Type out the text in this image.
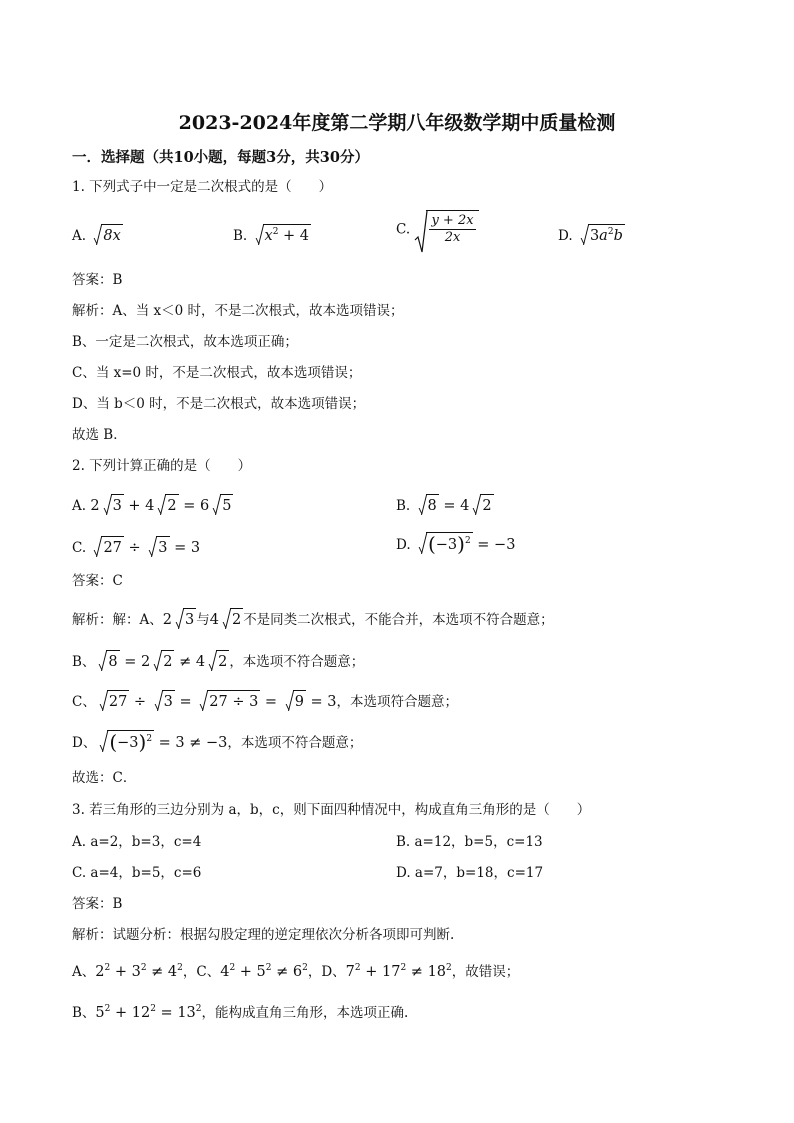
2023-2024年度第二学期八年级数学期中质量检测
一．选择题（共10小题，每题3分，共30分）
1. 下列式子中一定是二次根式的是（　　）
A. 8x	B. $x^2 + 4$	C. $\frac{y + 2x}{2x}$	D. $3a^2b$
答案：B
解析：A、当 x＜0 时，不是二次根式，故本选项错误；
B、一定是二次根式，故本选项正确；
C、当 x=0 时，不是二次根式，故本选项错误；
D、当 b＜0 时，不是二次根式，故本选项错误；
故选 B．
2. 下列计算正确的是（　　）
A. 2 3 + 4 2 = 6 5	B. 8 = 4 2
C. 27 ÷ 3 = 3	D. $(-3)^2 = -3$
答案：C
解析：解：A、2 3 与4 2 不是同类二次根式，不能合并，本选项不符合题意；
B、 8 = 2 2 ≠ 4 2 ，本选项不符合题意；
C、 27 ÷ 3 = 27 ÷ 3 = 9 = 3，本选项符合题意；
D、 $(-3)^2 = 3 \ne -3$，本选项不符合题意；
故选：C．
3. 若三角形的三边分别为 a，b，c，则下面四种情况中，构成直角三角形的是（　　）
A. a=2，b=3，c=4	B. a=12，b=5，c=13
C. a=4，b=5，c=6	D. a=7，b=18，c=17
答案：B
解析：试题分析：根据勾股定理的逆定理依次分析各项即可判断.
A、$2^2 + 3^2 \ne 4^2$，C、$4^2 + 5^2 \ne 6^2$，D、$7^2 + 17^2 \ne 18^2$，故错误；
B、$5^2 + 12^2 = 13^2$，能构成直角三角形，本选项正确.
